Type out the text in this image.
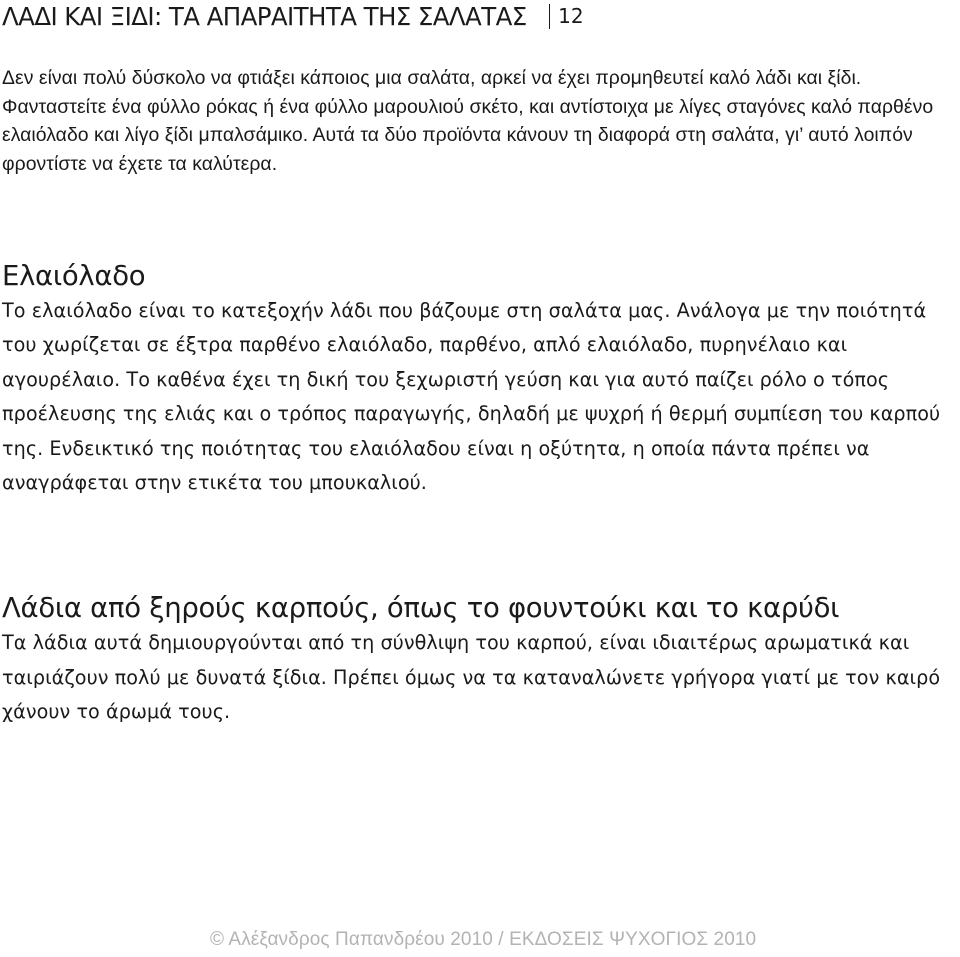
ΛΑΔΙ ΚΑΙ ΞΙΔΙ: ΤΑ ΑΠΑΡΑΙΤΗΤΑ ΤΗΣ ΣΑΛΑΤΑΣ 12

Δεν είναι πολύ δύσκολο να φτιάξει κάποιος μια σαλάτα, αρκεί να έχει προμηθευτεί καλό λάδι και ξίδι. Φανταστείτε ένα φύλλο ρόκας ή ένα φύλλο μαρουλιού σκέτο, και αντίστοιχα με λίγες σταγόνες καλό παρθένο ελαιόλαδο και λίγο ξίδι μπαλσάμικο. Αυτά τα δύο προϊόντα κάνουν τη διαφορά στη σαλάτα, γι’ αυτό λοιπόν φροντίστε να έχετε τα καλύτερα.

Ελαιόλαδο

Το ελαιόλαδο είναι το κατεξοχήν λάδι που βάζουμε στη σαλάτα μας. Ανάλογα με την ποιότητά του χωρίζεται σε έξτρα παρθένο ελαιόλαδο, παρθένο, απλό ελαιόλαδο, πυρηνέλαιο και αγουρέλαιο. Το καθένα έχει τη δική του ξεχωριστή γεύση και για αυτό παίζει ρόλο ο τόπος προέλευσης της ελιάς και ο τρόπος παραγωγής, δηλαδή με ψυχρή ή θερμή συμπίεση του καρπού της. Ενδεικτικό της ποιότητας του ελαιόλαδου είναι η οξύτητα, η οποία πάντα πρέπει να αναγράφεται στην ετικέτα του μπουκαλιού.

Λάδια από ξηρούς καρπούς, όπως το φουντούκι και το καρύδι

Τα λάδια αυτά δημιουργούνται από τη σύνθλιψη του καρπού, είναι ιδιαιτέρως αρωματικά και ταιριάζουν πολύ με δυνατά ξίδια. Πρέπει όμως να τα καταναλώνετε γρήγορα γιατί με τον καιρό χάνουν το άρωμά τους.

© Αλέξανδρος Παπανδρέου 2010 / ΕΚΔΟΣΕΙΣ ΨΥΧΟΓΙΟΣ 2010
